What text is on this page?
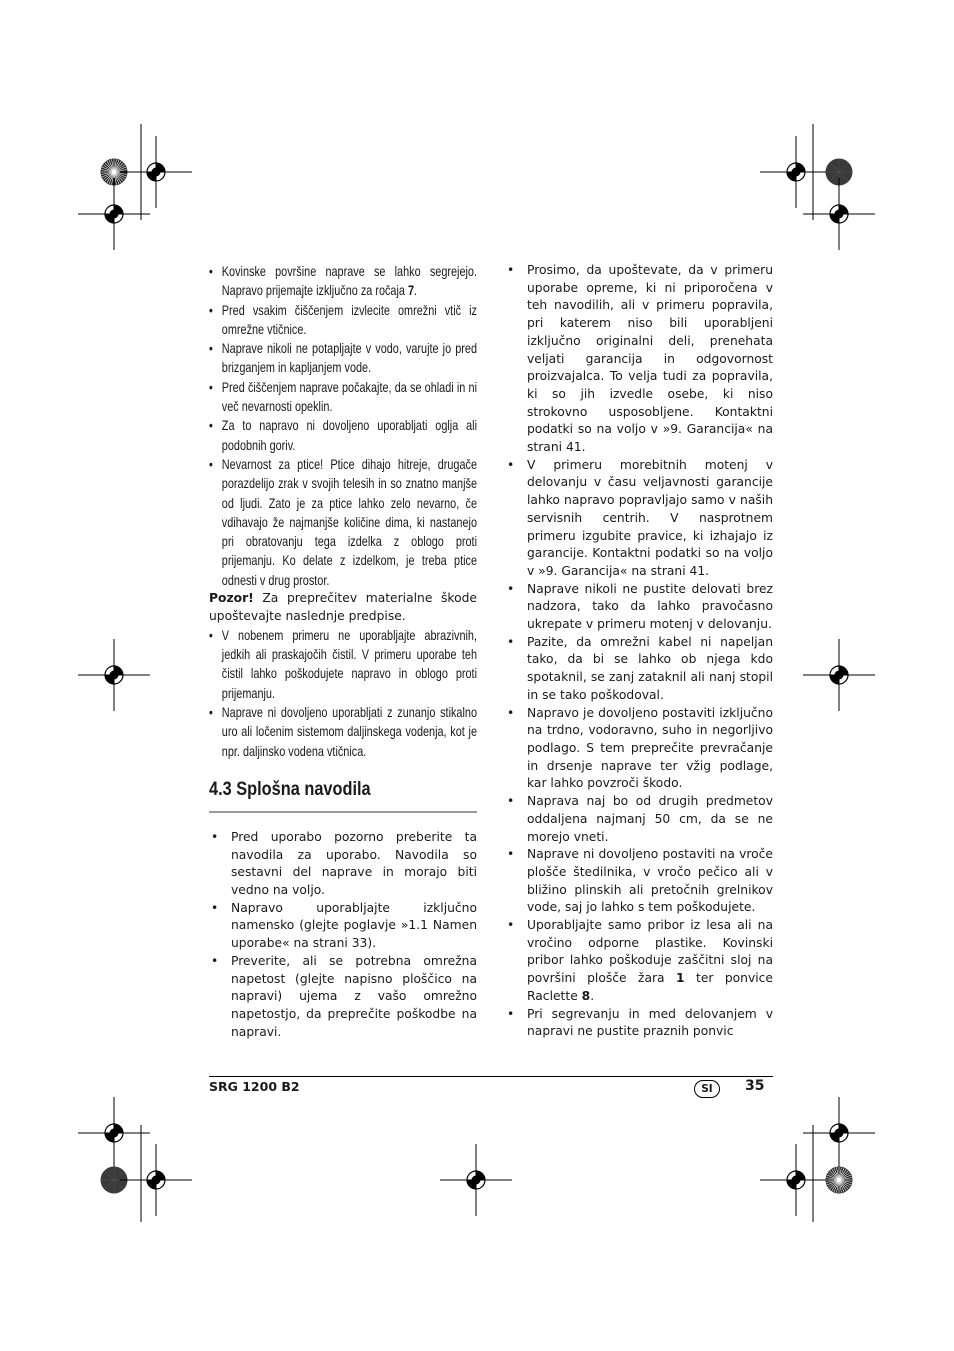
• Kovinske površine naprave se lahko segrejejo. Napravo prijemajte izključno za ročaja 7.
• Pred vsakim čiščenjem izvlecite omrežni vtič iz omrežne vtičnice.
• Naprave nikoli ne potapljajte v vodo, varujte jo pred brizganjem in kapljanjem vode.
• Pred čiščenjem naprave počakajte, da se ohladi in ni več nevarnosti opeklin.
• Za to napravo ni dovoljeno uporabljati oglja ali podobnih goriv.
• Nevarnost za ptice! Ptice dihajo hitreje, drugače porazdelijo zrak v svojih telesih in so znatno manjše od ljudi. Zato je za ptice lahko zelo nevarno, če vdihavajo že najmanjše količine dima, ki nastanejo pri obratovanju tega izdelka z oblogo proti prijemanju. Ko delate z izdelkom, je treba ptice odnesti v drug prostor.

Pozor! Za preprečitev materialne škode upoštevajte naslednje predpise.

• V nobenem primeru ne uporabljajte abrazivnih, jedkih ali praskajočih čistil. V primeru uporabe teh čistil lahko poškodujete napravo in oblogo proti prijemanju.
• Naprave ni dovoljeno uporabljati z zunanjo stikalno uro ali ločenim sistemom daljinskega vodenja, kot je npr. daljinsko vodena vtičnica.
4.3 Splošna navodila
• Pred uporabo pozorno preberite ta navodila za uporabo. Navodila so sestavni del naprave in morajo biti vedno na voljo.
• Napravo uporabljajte izključno namensko (glejte poglavje »1.1 Namen uporabe« na strani 33).
• Preverite, ali se potrebna omrežna napetost (glejte napisno ploščico na napravi) ujema z vašo omrežno napetostjo, da preprečite poškodbe na napravi.
• Prosimo, da upoštevate, da v primeru uporabe opreme, ki ni priporočena v teh navodilih, ali v primeru popravila, pri katerem niso bili uporabljeni izključno originalni deli, prenehata veljati garancija in odgovornost proizvajalca. To velja tudi za popravila, ki so jih izvedle osebe, ki niso strokovno usposobljene. Kontaktni podatki so na voljo v »9. Garancija« na strani 41.
• V primeru morebitnih motenj v delovanju v času veljavnosti garancije lahko napravo popravljajo samo v naših servisnih centrih. V nasprotnem primeru izgubite pravice, ki izhajajo iz garancije. Kontaktni podatki so na voljo v »9. Garancija« na strani 41.
• Naprave nikoli ne pustite delovati brez nadzora, tako da lahko pravočasno ukrepate v primeru motenj v delovanju.
• Pazite, da omrežni kabel ni napeljan tako, da bi se lahko ob njega kdo spotaknil, se zanj zataknil ali nanj stopil in se tako poškodoval.
• Napravo je dovoljeno postaviti izključno na trdno, vodoravno, suho in negorljivo podlago. S tem preprečite prevračanje in drsenje naprave ter vžig podlage, kar lahko povzroči škodo.
• Naprava naj bo od drugih predmetov oddaljena najmanj 50 cm, da se ne morejo vneti.
• Naprave ni dovoljeno postaviti na vroče plošče štedilnika, v vročo pečico ali v bližino plinskih ali pretočnih grelnikov vode, saj jo lahko s tem poškodujete.
• Uporabljajte samo pribor iz lesa ali na vročino odporne plastike. Kovinski pribor lahko poškoduje zaščitni sloj na površini plošče žara 1 ter ponvice Raclette 8.
• Pri segrevanju in med delovanjem v napravi ne pustite praznih ponvic
SRG 1200 B2	SI	35
